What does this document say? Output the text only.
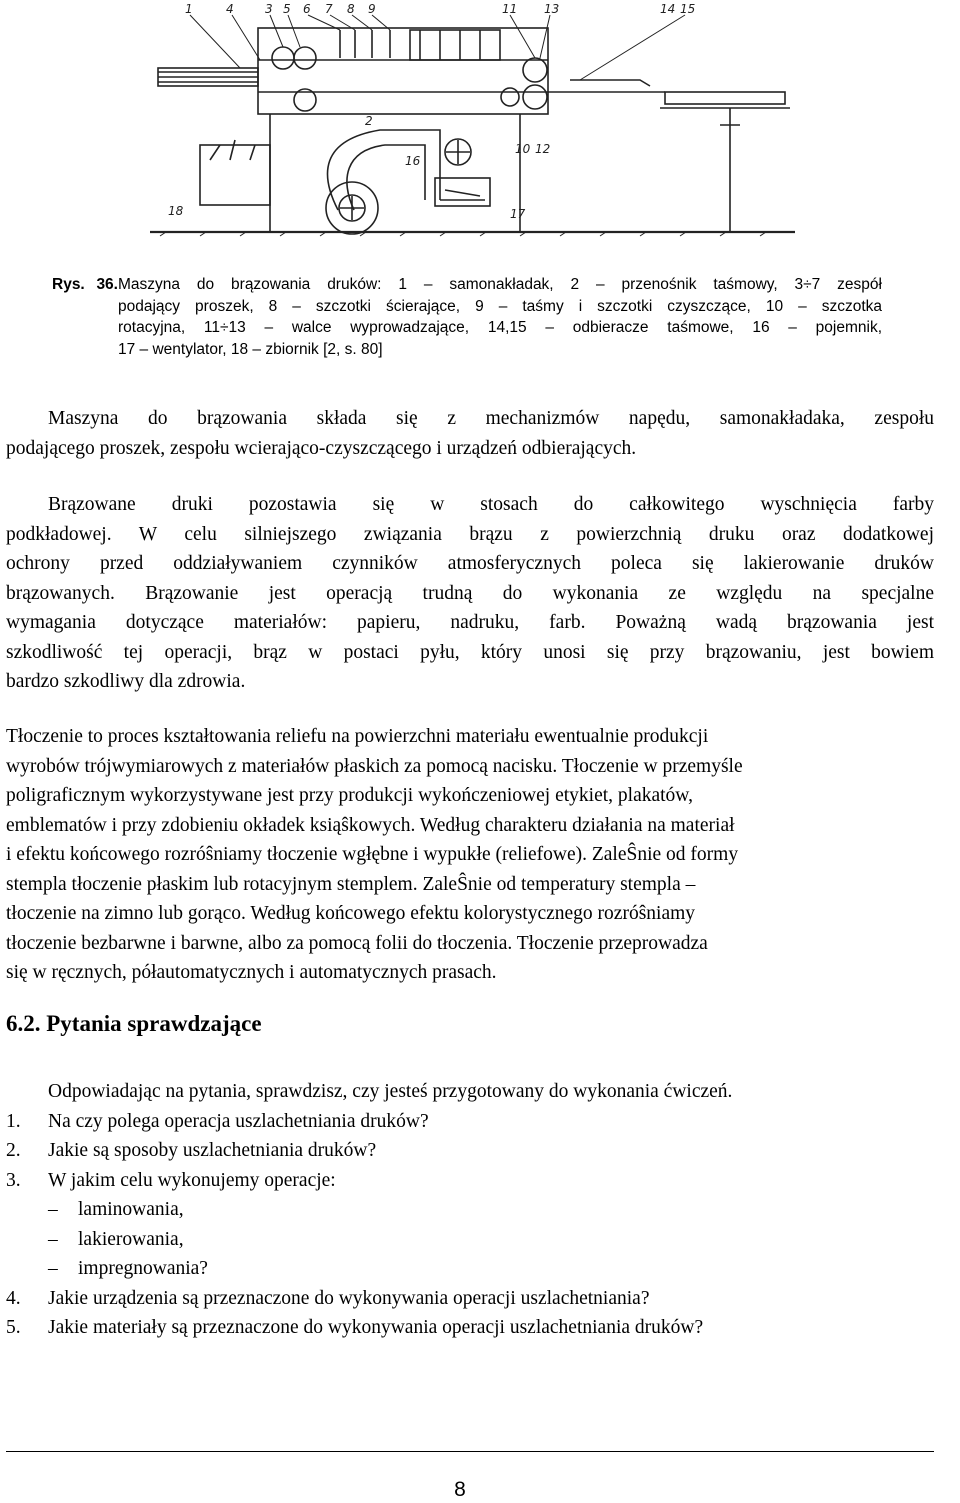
1	4	3 5 6 7 8 9	11 13	14 15
2
10 12
16
17
18
Rys. 36.Maszyna do brązowania druków: 1 – samonakładak, 2 – przenośnik taśmowy, 3÷7 zespół
podający proszek, 8 – szczotki ścierające, 9 – taśmy i szczotki czyszczące, 10 – szczotka
rotacyjna, 11÷13 – walce wyprowadzające, 14,15 – odbieracze taśmowe, 16 – pojemnik,
17 – wentylator, 18 – zbiornik [2, s. 80]
Maszyna do brązowania składa się z mechanizmów napędu, samonakładaka, zespołu
podającego proszek, zespołu wcierająco-czyszczącego i urządzeń odbierających.
Brązowane druki pozostawia się w stosach do całkowitego wyschnięcia farby
podkładowej. W celu silniejszego związania brązu z powierzchnią druku oraz dodatkowej
ochrony przed oddziaływaniem czynników atmosferycznych poleca się lakierowanie druków
brązowanych. Brązowanie jest operacją trudną do wykonania ze względu na specjalne
wymagania dotyczące materiałów: papieru, nadruku, farb. Poważną wadą brązowania jest
szkodliwość tej operacji, brąz w postaci pyłu, który unosi się przy brązowaniu, jest bowiem
bardzo szkodliwy dla zdrowia.
Tłoczenie to proces kształtowania reliefu na powierzchni materiału ewentualnie produkcji
wyrobów trójwymiarowych z materiałów płaskich za pomocą nacisku. Tłoczenie w przemyśle
poligraficznym wykorzystywane jest przy produkcji wykończeniowej etykiet, plakatów,
emblematów i przy zdobieniu okładek ksiąŝkowych. Według charakteru działania na materiał
i efektu końcowego rozróŝniamy tłoczenie wgłębne i wypukłe (reliefowe). ZaleŜnie od formy
stempla tłoczenie płaskim lub rotacyjnym stemplem. ZaleŜnie od temperatury stempla –
tłoczenie na zimno lub gorąco. Według końcowego efektu kolorystycznego rozróŝniamy
tłoczenie bezbarwne i barwne, albo za pomocą folii do tłoczenia. Tłoczenie przeprowadza
się w ręcznych, półautomatycznych i automatycznych prasach.
6.2. Pytania sprawdzające
Odpowiadając na pytania, sprawdzisz, czy jesteś przygotowany do wykonania ćwiczeń.
1.	Na czy polega operacja uszlachetniania druków?
2.	Jakie są sposoby uszlachetniania druków?
3.	W jakim celu wykonujemy operacje:
–	laminowania,
–	lakierowania,
–	impregnowania?
4.	Jakie urządzenia są przeznaczone do wykonywania operacji uszlachetniania?
5.	Jakie materiały są przeznaczone do wykonywania operacji uszlachetniania druków?
8
